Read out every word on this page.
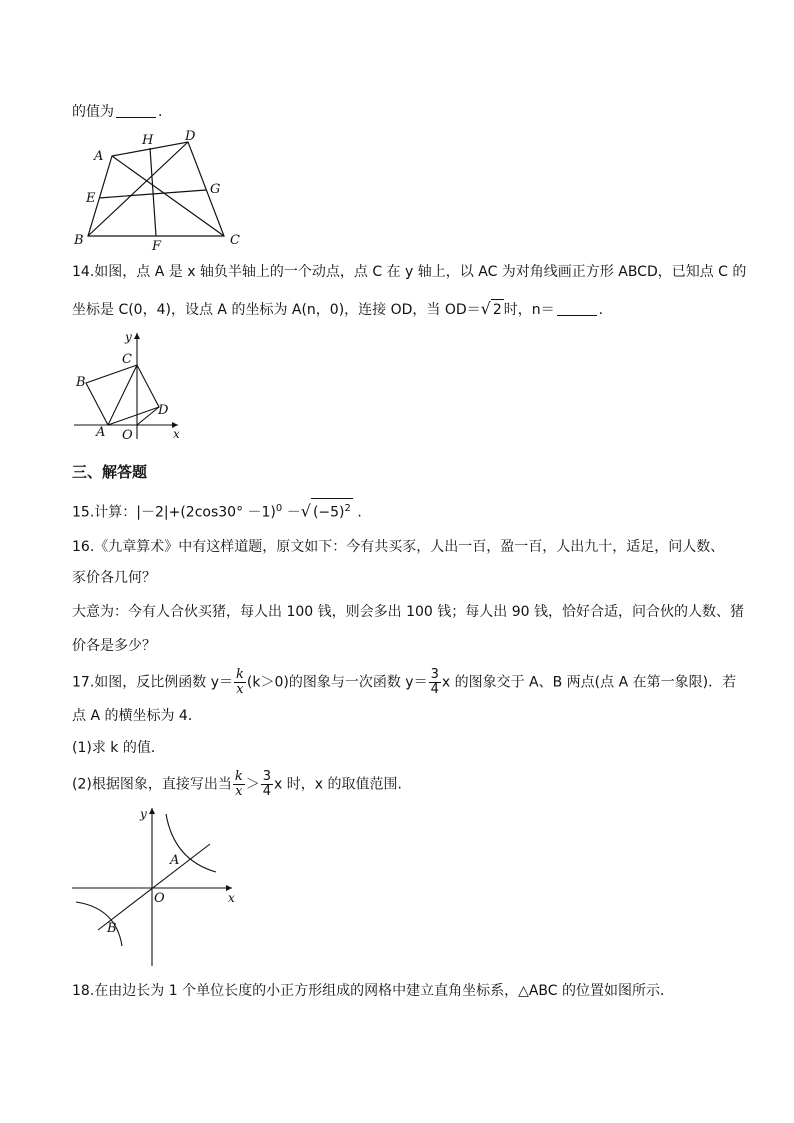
的值为	.
A
H D
E
G
B	F	C
14.如图，点 A 是 x 轴负半轴上的一个动点，点 C 在 y 轴上，以 AC 为对角线画正方形 ABCD，已知点 C 的
坐标是 C(0，4)，设点 A 的坐标为 A(n，0)，连接 OD，当 OD＝√ 2 时，n＝	.
y
C
B
D
A O	x
三、解答题
15.计算：$|-2|+(2\cos 30^\circ -1)^0$ －√ $(-5)^2$ .
16.《九章算术》中有这样道题，原文如下：今有共买豕，人出一百，盈一百，人出九十，适足，问人数、
豕价各几何？
大意为：今有人合伙买猪，每人出 100 钱，则会多出 100 钱；每人出 90 钱，恰好合适，问合伙的人数、猪
价各是多少？
17.如图，反比例函数 $y= \frac{k}{x} (k>0)$的图象与一次函数 $y= \frac{3}{4}$ x 的图象交于 A、B 两点(点 A 在第一象限)．若
点 A 的横坐标为 4．
(1)求 k 的值．
(2)根据图象，直接写出当 $\frac{k}{x} > \frac{3}{4}$ x 时，x 的取值范围.
y
A
O	x
B
18.在由边长为 1 个单位长度的小正方形组成的网格中建立直角坐标系，△ABC 的位置如图所示．
